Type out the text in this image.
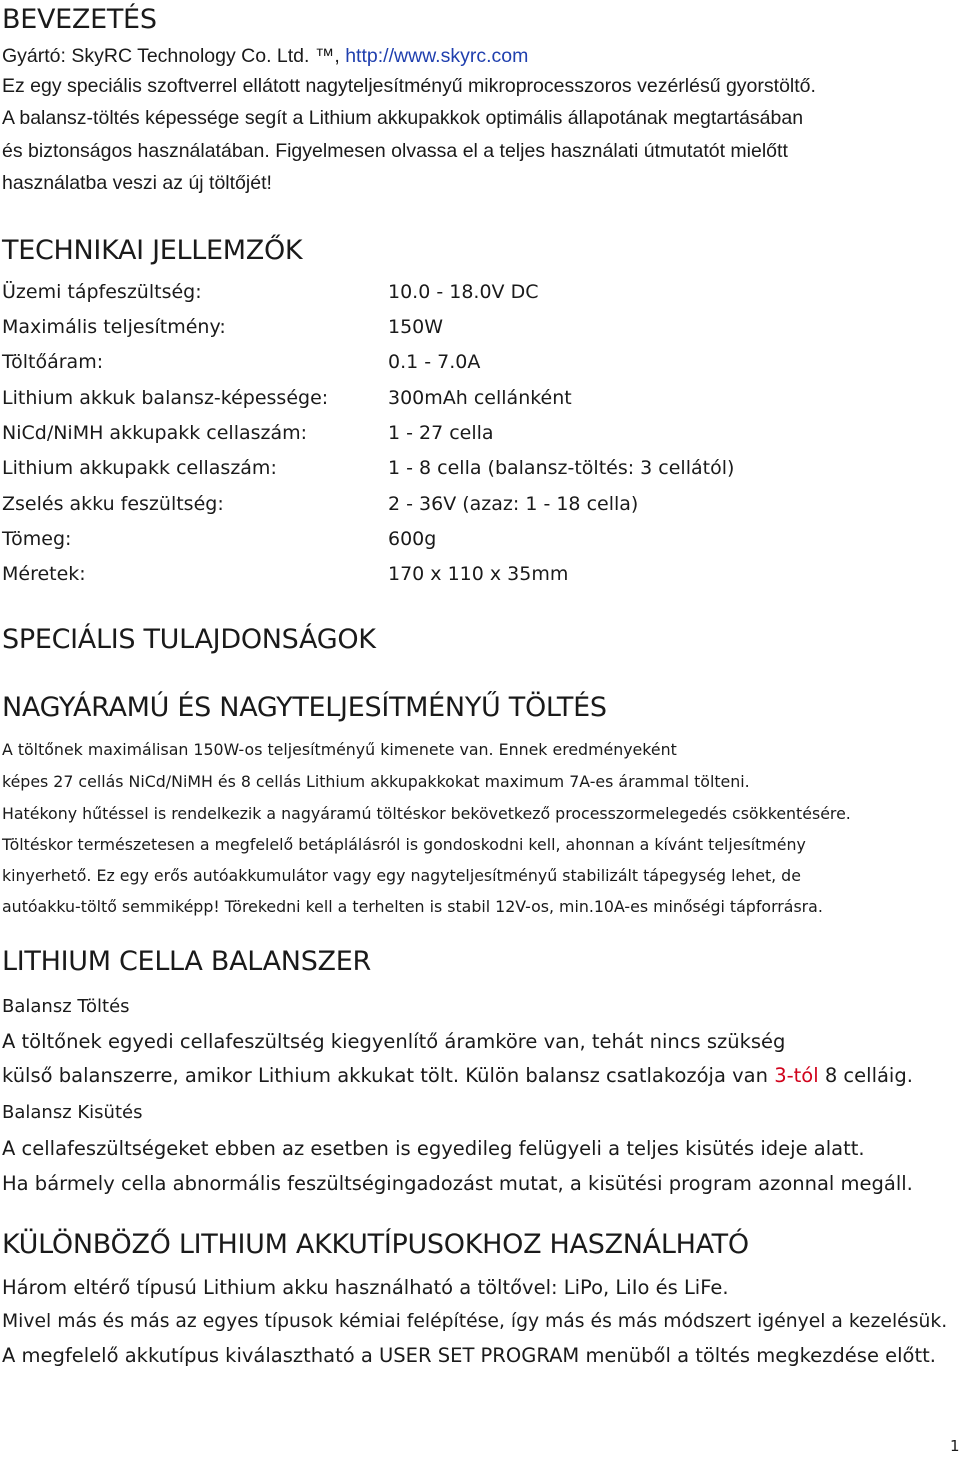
BEVEZETÉS
Gyártó: SkyRC Technology Co. Ltd. ™, http://www.skyrc.com
Ez egy speciális szoftverrel ellátott nagyteljesítményű mikroprocesszoros vezérlésű gyorstöltő.
A balansz-töltés képessége segít a Lithium akkupakkok optimális állapotának megtartásában
és biztonságos használatában. Figyelmesen olvassa el a teljes használati útmutatót mielőtt
használatba veszi az új töltőjét!
TECHNIKAI JELLEMZŐK
Üzemi tápfeszültség:	10.0 - 18.0V DC
Maximális teljesítmény:	150W
Töltőáram:	0.1 - 7.0A
Lithium akkuk balansz-képessége:	300mAh cellánként
NiCd/NiMH akkupakk cellaszám:	1 - 27 cella
Lithium akkupakk cellaszám:	1 - 8 cella (balansz-töltés: 3 cellától)
Zselés akku feszültség:	2 - 36V (azaz: 1 - 18 cella)
Tömeg:	600g
Méretek:	170 x 110 x 35mm
SPECIÁLIS TULAJDONSÁGOK
NAGYÁRAMÚ ÉS NAGYTELJESÍTMÉNYŰ TÖLTÉS
A töltőnek maximálisan 150W-os teljesítményű kimenete van. Ennek eredményeként
képes 27 cellás NiCd/NiMH és 8 cellás Lithium akkupakkokat maximum 7A-es árammal tölteni.
Hatékony hűtéssel is rendelkezik a nagyáramú töltéskor bekövetkező processzormelegedés csökkentésére.
Töltéskor természetesen a megfelelő betáplálásról is gondoskodni kell, ahonnan a kívánt teljesítmény
kinyerhető. Ez egy erős autóakkumulátor vagy egy nagyteljesítményű stabilizált tápegység lehet, de
autóakku-töltő semmiképp! Törekedni kell a terhelten is stabil 12V-os, min.10A-es minőségi tápforrásra.
LITHIUM CELLA BALANSZER
Balansz Töltés
A töltőnek egyedi cellafeszültség kiegyenlítő áramköre van, tehát nincs szükség
külső balanszerre, amikor Lithium akkukat tölt. Külön balansz csatlakozója van 3-tól 8 celláig.
Balansz Kisütés
A cellafeszültségeket ebben az esetben is egyedileg felügyeli a teljes kisütés ideje alatt.
Ha bármely cella abnormális feszültségingadozást mutat, a kisütési program azonnal megáll.
KÜLÖNBÖZŐ LITHIUM AKKUTÍPUSOKHOZ HASZNÁLHATÓ
Három eltérő típusú Lithium akku használható a töltővel: LiPo, LiIo és LiFe.
Mivel más és más az egyes típusok kémiai felépítése, így más és más módszert igényel a kezelésük.
A megfelelő akkutípus kiválasztható a USER SET PROGRAM menüből a töltés megkezdése előtt.
1
